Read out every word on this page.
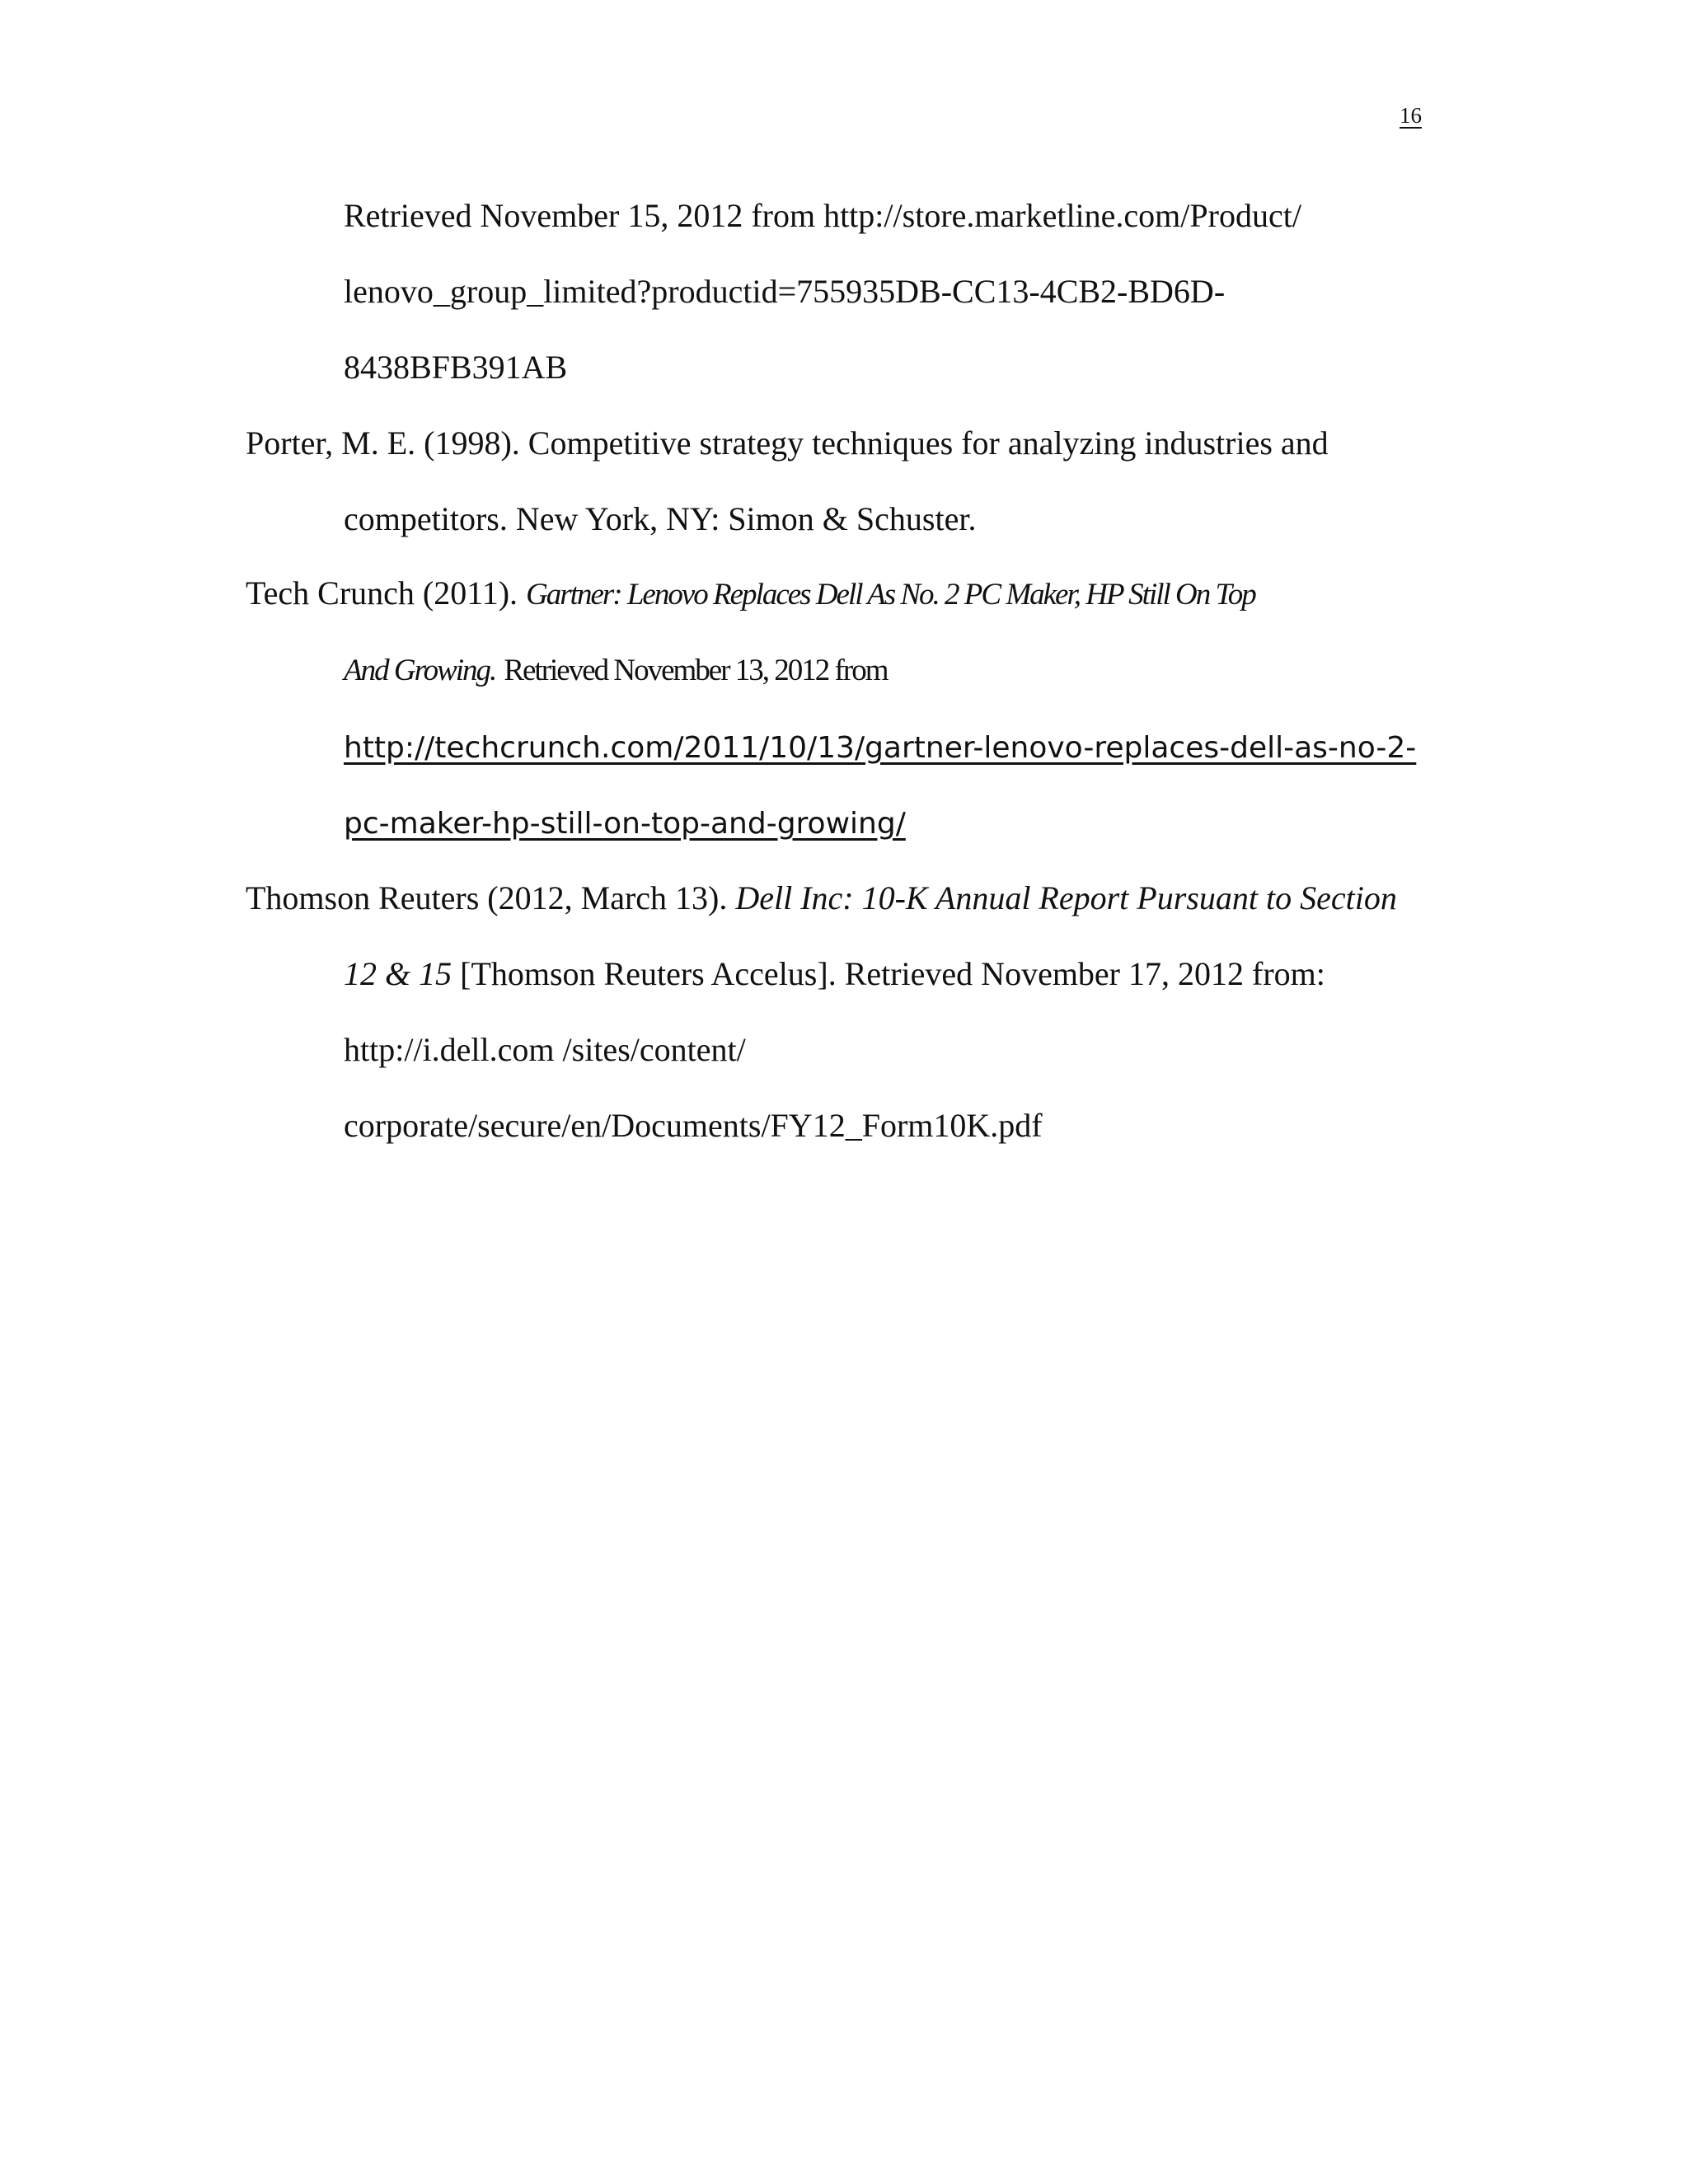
16
Retrieved November 15, 2012 from http://store.marketline.com/Product/
lenovo_group_limited?productid=755935DB-CC13-4CB2-BD6D-
8438BFB391AB
Porter, M. E. (1998). Competitive strategy techniques for analyzing industries and
competitors. New York, NY: Simon & Schuster.
Tech Crunch (2011). Gartner: Lenovo Replaces Dell As No. 2 PC Maker, HP Still On Top
And Growing. Retrieved November 13, 2012 from
http://techcrunch.com/2011/10/13/gartner-lenovo-replaces-dell-as-no-2-
pc-maker-hp-still-on-top-and-growing/
Thomson Reuters (2012, March 13). Dell Inc: 10-K Annual Report Pursuant to Section
12 & 15 [Thomson Reuters Accelus]. Retrieved November 17, 2012 from:
http://i.dell.com /sites/content/
corporate/secure/en/Documents/FY12_Form10K.pdf
